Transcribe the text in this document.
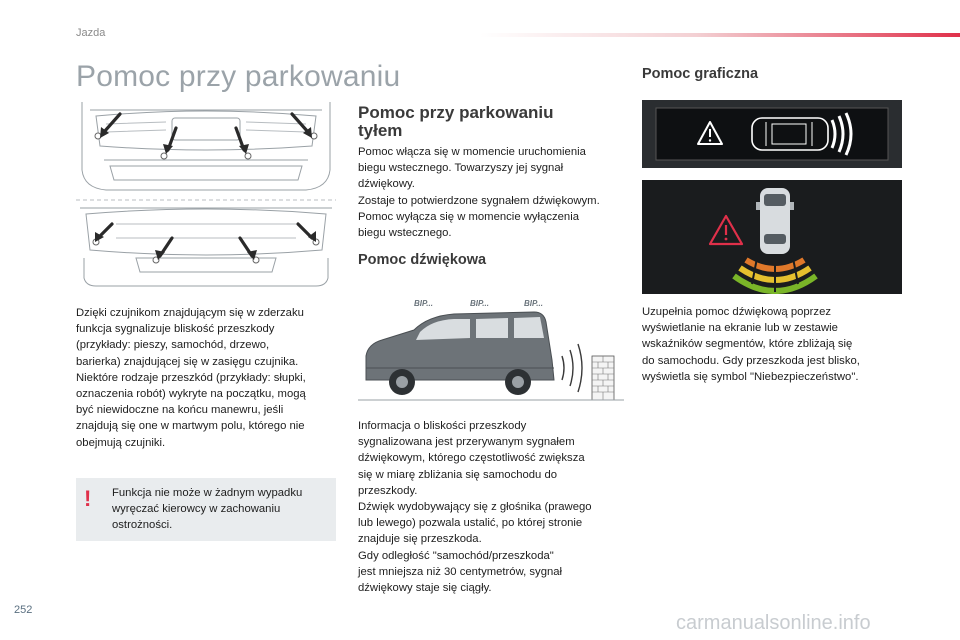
Jazda
Pomoc przy parkowaniu

Dzięki czujnikom znajdującym się w zderzaku

funkcja sygnalizuje bliskość przeszkody

(przykłady: pieszy, samochód, drzewo,

barierka) znajdującej się w zasięgu czujnika.

Niektóre rodzaje przeszkód (przykłady: słupki,

oznaczenia robót) wykryte na początku, mogą

być niewidoczne na końcu manewru, jeśli

znajdują się one w martwym polu, którego nie

obejmują czujniki.

! Funkcja nie może w żadnym wypadku

wyręczać kierowcy w zachowaniu

ostrożności.

Pomoc przy parkowaniu
tyłem

Pomoc włącza się w momencie uruchomienia

biegu wstecznego. Towarzyszy jej sygnał

dźwiękowy.

Zostaje to potwierdzone sygnałem dźwiękowym.

Pomoc wyłącza się w momencie wyłączenia

biegu wstecznego.

Pomoc dźwiękowa
BIP...	BIP...	BIP...

Informacja o bliskości przeszkody

sygnalizowana jest przerywanym sygnałem

dźwiękowym, którego częstotliwość zwiększa

się w miarę zbliżania się samochodu do

przeszkody.

Dźwięk wydobywający się z głośnika (prawego

lub lewego) pozwala ustalić, po której stronie

znajduje się przeszkoda.

Gdy odległość "samochód/przeszkoda"

jest mniejsza niż 30 centymetrów, sygnał

dźwiękowy staje się ciągły.

Pomoc graficzna

Uzupełnia pomoc dźwiękową poprzez

wyświetlanie na ekranie lub w zestawie

wskaźników segmentów, które zbliżają się

do samochodu. Gdy przeszkoda jest blisko,

wyświetla się symbol "Niebezpieczeństwo".

252
carmanualsonline.info
